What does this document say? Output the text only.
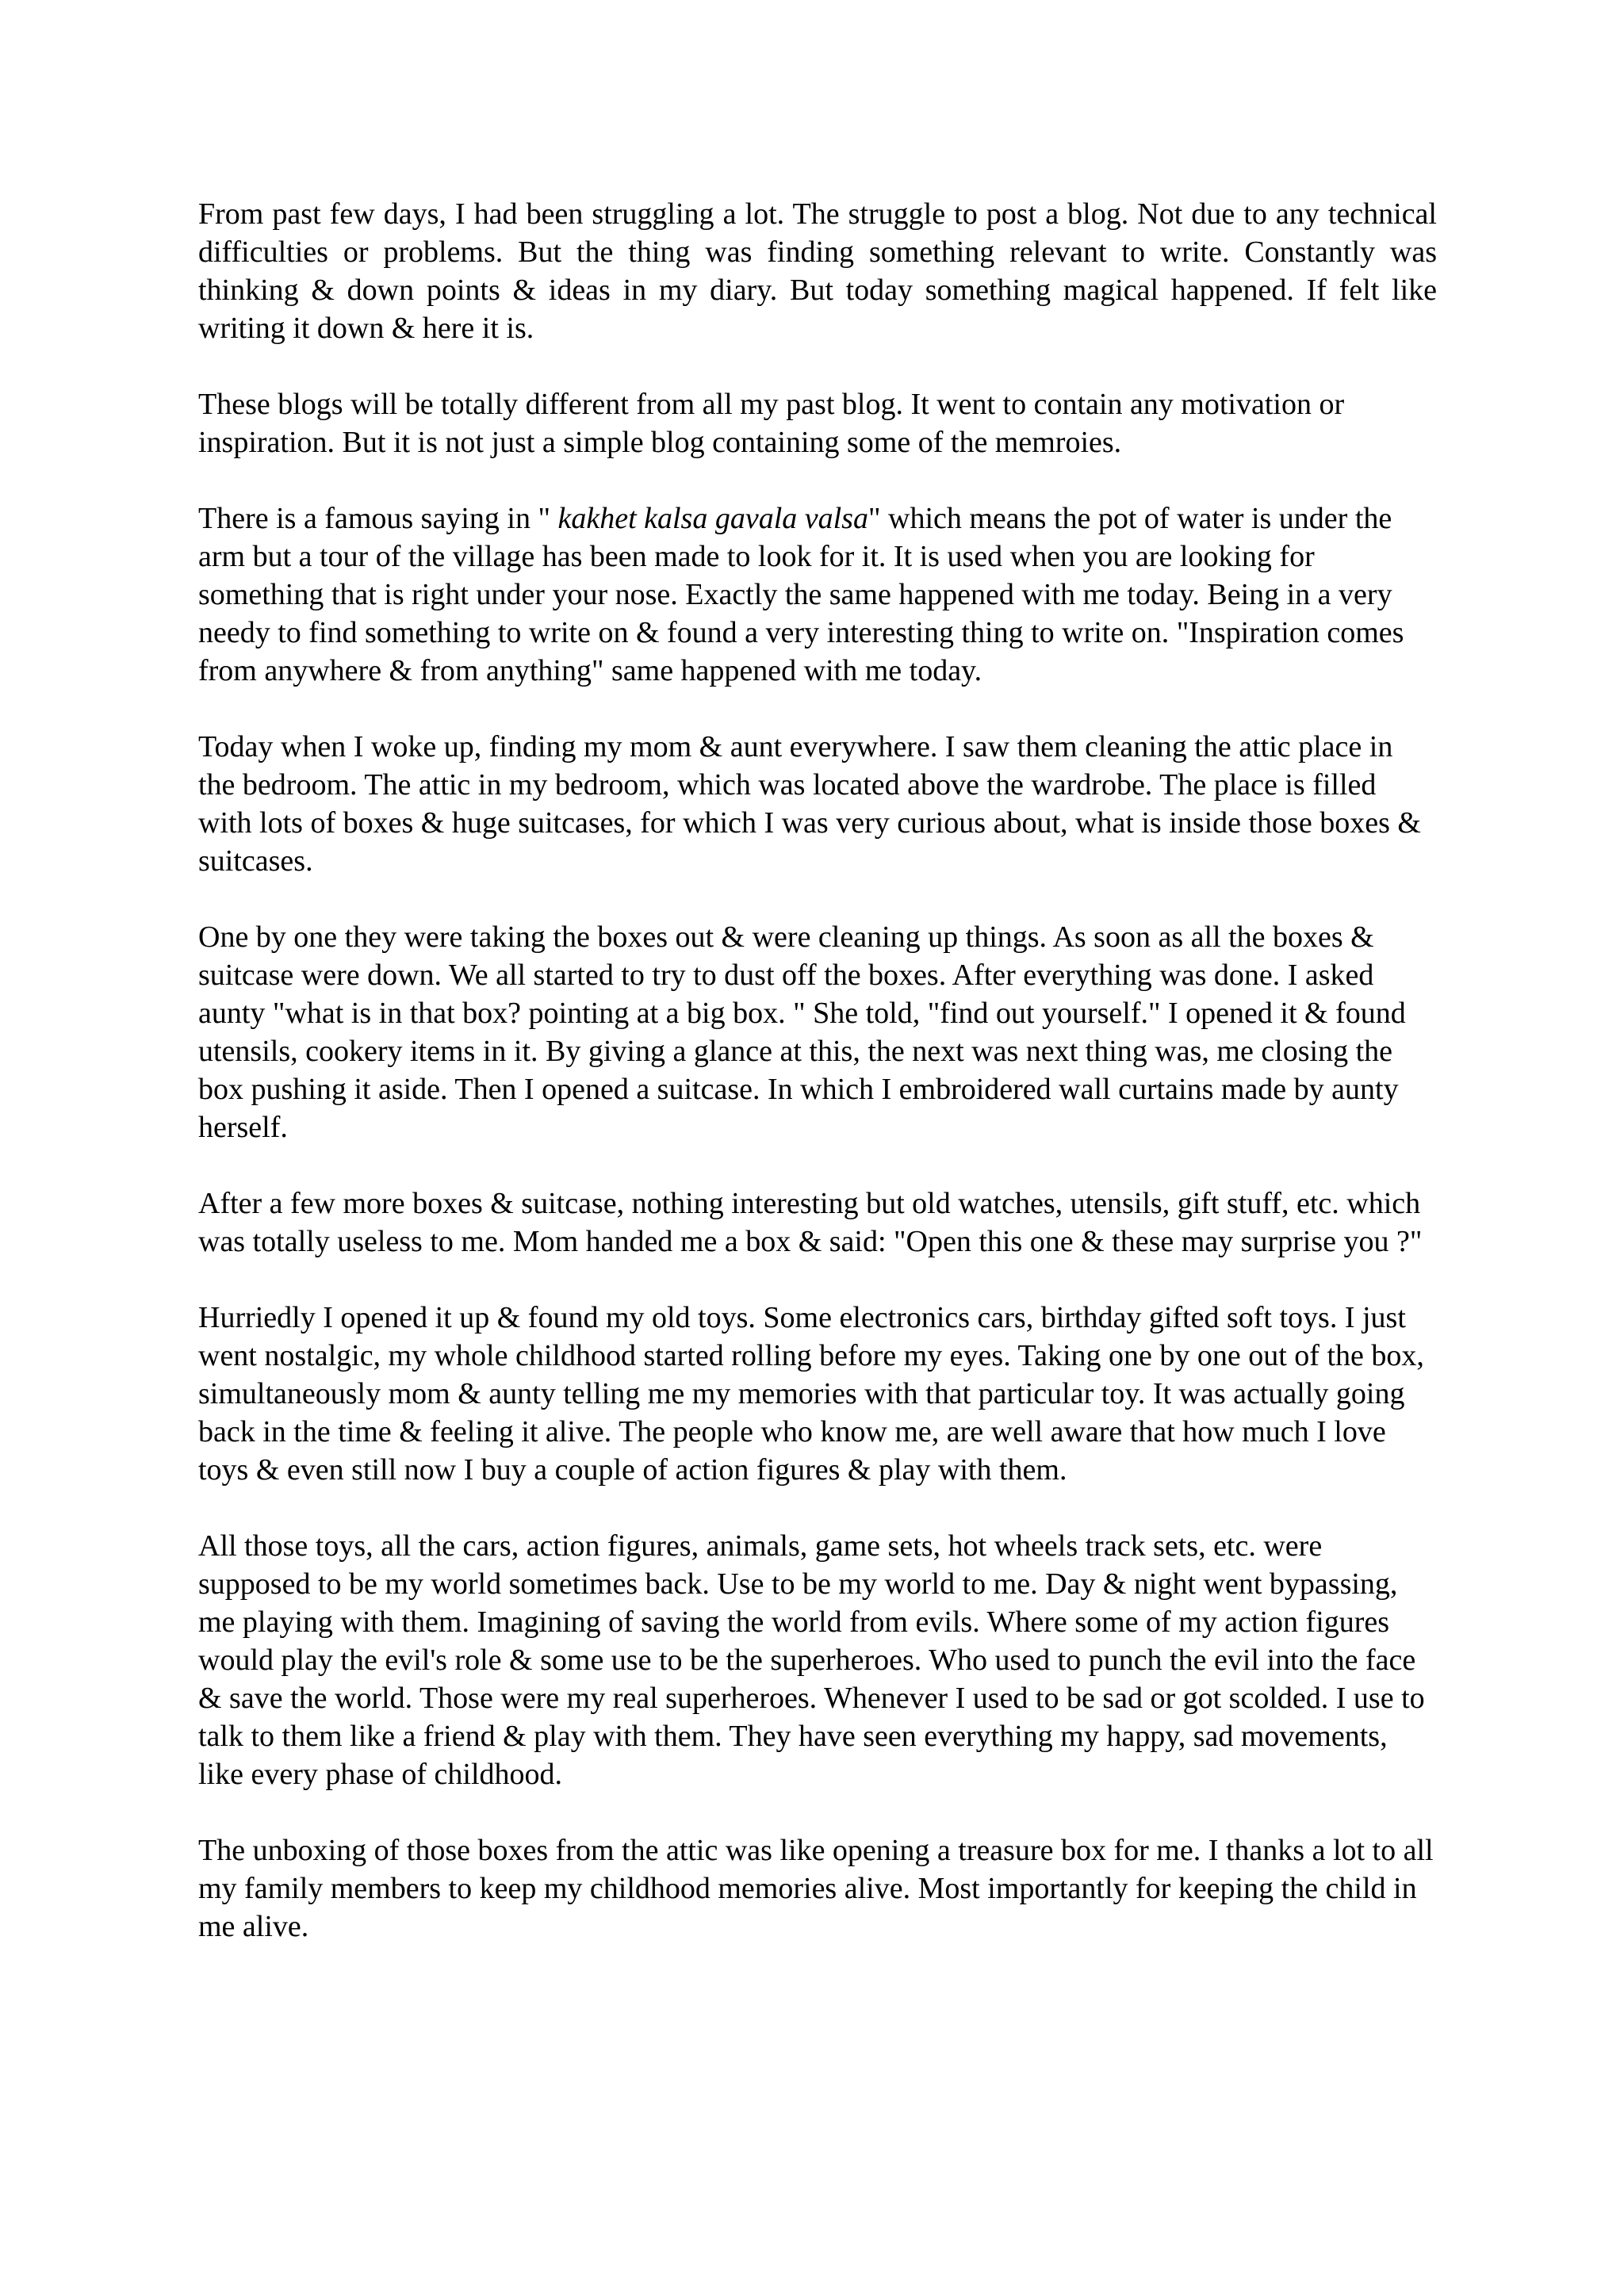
From past few days, I had been struggling a lot. The struggle to post a blog. Not due to any technical difficulties or problems. But the thing was finding something relevant to write. Constantly was thinking & down points & ideas in my diary. But today something magical happened. If felt like writing it down & here it is.

These blogs will be totally different from all my past blog. It went to contain any motivation or inspiration. But it is not just a simple blog containing some of the memroies.

There is a famous saying in " kakhet kalsa gavala valsa" which means the pot of water is under the arm but a tour of the village has been made to look for it. It is used when you are looking for something that is right under your nose. Exactly the same happened with me today. Being in a very needy to find something to write on & found a very interesting thing to write on. "Inspiration comes from anywhere & from anything" same happened with me today.

Today when I woke up, finding my mom & aunt everywhere. I saw them cleaning the attic place in the bedroom. The attic in my bedroom, which was located above the wardrobe. The place is filled with lots of boxes & huge suitcases, for which I was very curious about, what is inside those boxes & suitcases.

One by one they were taking the boxes out & were cleaning up things. As soon as all the boxes & suitcase were down. We all started to try to dust off the boxes. After everything was done. I asked aunty "what is in that box? pointing at a big box. " She told, "find out yourself." I opened it & found utensils, cookery items in it. By giving a glance at this, the next was next thing was, me closing the box pushing it aside. Then I opened a suitcase. In which I embroidered wall curtains made by aunty herself.

After a few more boxes & suitcase, nothing interesting but old watches, utensils, gift stuff, etc. which was totally useless to me. Mom handed me a box & said: "Open this one & these may surprise you ?"

Hurriedly I opened it up & found my old toys. Some electronics cars, birthday gifted soft toys. I just went nostalgic, my whole childhood started rolling before my eyes. Taking one by one out of the box, simultaneously mom & aunty telling me my memories with that particular toy. It was actually going back in the time & feeling it alive. The people who know me, are well aware that how much I love toys & even still now I buy a couple of action figures & play with them.

All those toys, all the cars, action figures, animals, game sets, hot wheels track sets, etc. were supposed to be my world sometimes back. Use to be my world to me. Day & night went bypassing, me playing with them. Imagining of saving the world from evils. Where some of my action figures would play the evil's role & some use to be the superheroes. Who used to punch the evil into the face & save the world. Those were my real superheroes. Whenever I used to be sad or got scolded. I use to talk to them like a friend & play with them. They have seen everything my happy, sad movements, like every phase of childhood.

The unboxing of those boxes from the attic was like opening a treasure box for me. I thanks a lot to all my family members to keep my childhood memories alive. Most importantly for keeping the child in me alive.
